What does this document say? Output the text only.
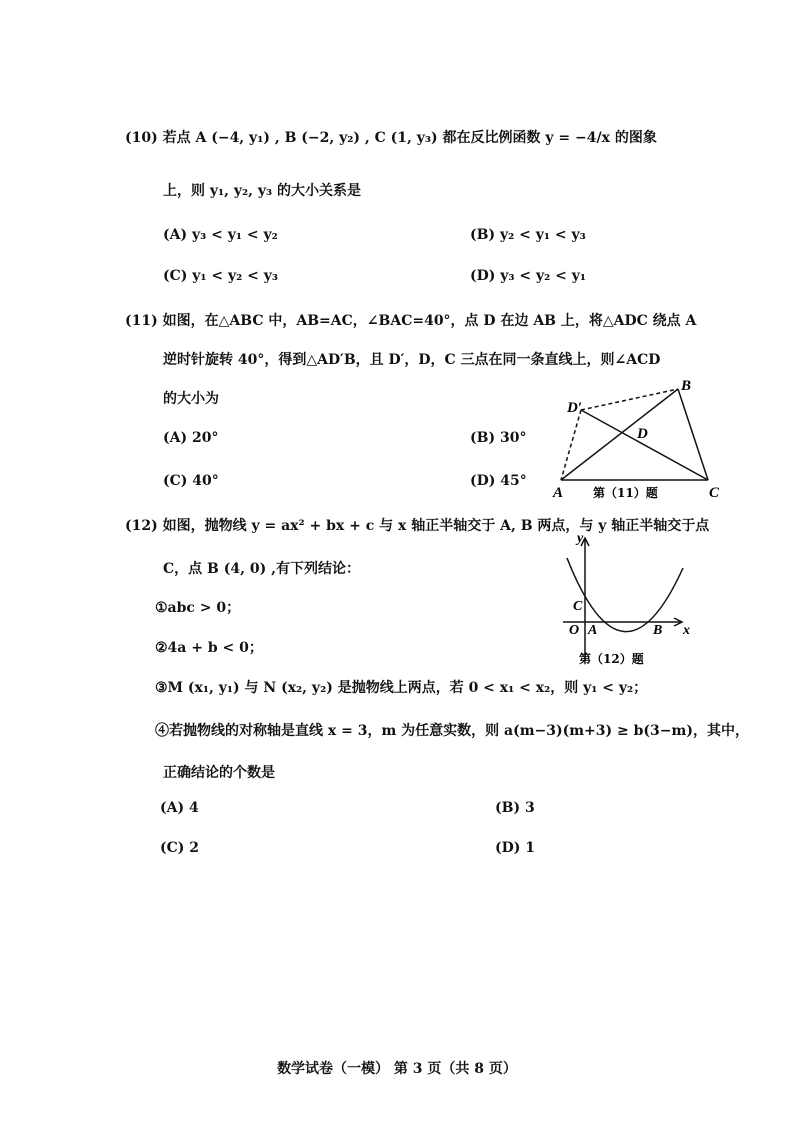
(10) 若点 A (−4, y₁) , B (−2, y₂) , C (1, y₃) 都在反比例函数 y = −4/x 的图象
上，则 y₁, y₂, y₃ 的大小关系是
(A) y₃ < y₁ < y₂	(B) y₂ < y₁ < y₃
(C) y₁ < y₂ < y₃	(D) y₃ < y₂ < y₁
(11) 如图，在△ABC 中，AB=AC，∠BAC=40°，点 D 在边 AB 上，将△ADC 绕点 A
逆时针旋转 40°，得到△AD′B，且 D′，D，C 三点在同一条直线上，则∠ACD
的大小为
(A) 20°	(B) 30°
(C) 40°	(D) 45°
B
D′
D
A	C
第（11）题
(12) 如图，抛物线 y = ax² + bx + c 与 x 轴正半轴交于 A, B 两点，与 y 轴正半轴交于点
C，点 B (4, 0) ,有下列结论：
①abc > 0；
②4a + b < 0；
③M (x₁, y₁) 与 N (x₂, y₂) 是抛物线上两点，若 0 < x₁ < x₂，则 y₁ < y₂；
④若抛物线的对称轴是直线 x = 3，m 为任意实数，则 a(m−3)(m+3) ≥ b(3−m)，其中，
正确结论的个数是
(A) 4	(B) 3
(C) 2	(D) 1
y
x
O A	B
C
第（12）题
数学试卷（一模） 第 3 页（共 8 页）
